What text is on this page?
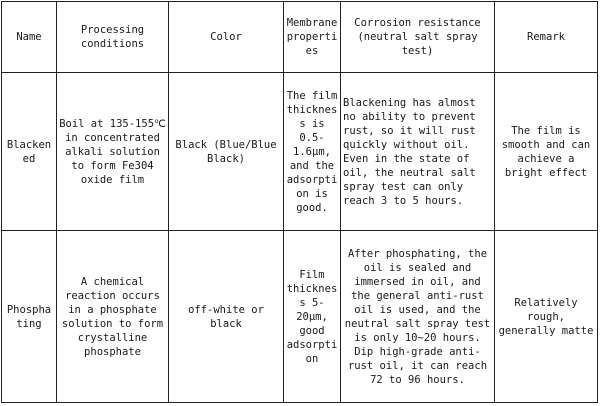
Name	Processing conditions	Color	Membrane properties	Corrosion resistance (neutral salt spray test)	Remark
Blackened	Boil at 135-155℃ in concentrated alkali solution to form Fe304 oxide film	Black (Blue/Blue Black)	The film thickness is 0.5-1.6μm, and the adsorption is good.	Blackening has almost no ability to prevent rust, so it will rust quickly without oil. Even in the state of oil, the neutral salt spray test can only reach 3 to 5 hours.	The film is smooth and can achieve a bright effect
Phosphating	A chemical reaction occurs in a phosphate solution to form crystalline phosphate	off-white or black	Film thickness 5-20μm, good adsorption	After phosphating, the oil is sealed and immersed in oil, and the general anti-rust oil is used, and the neutral salt spray test is only 10~20 hours. Dip high-grade anti-rust oil, it can reach 72 to 96 hours.	Relatively rough, generally matte
